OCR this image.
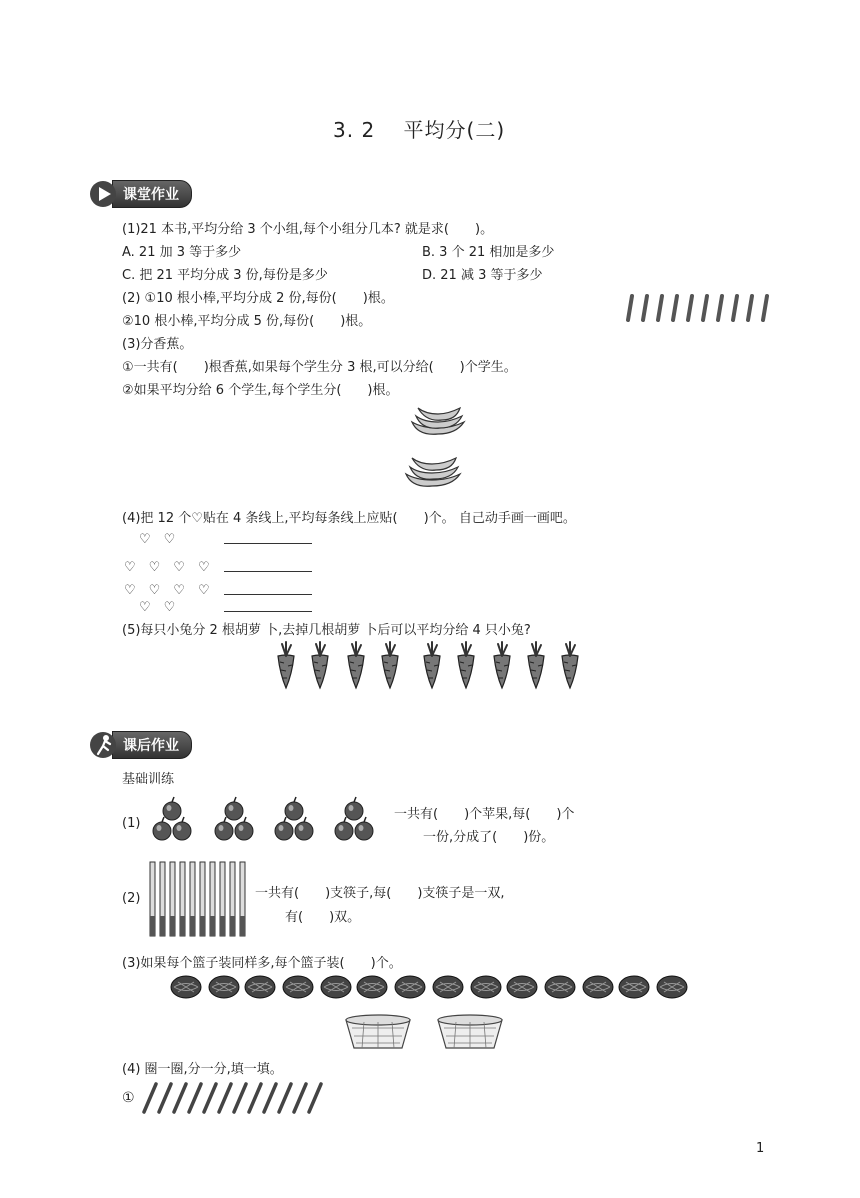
3. 2　 平均分(二)
课堂作业
(1)21 本书,平均分给 3 个小组,每个小组分几本? 就是求(　　)。
A. 21 加 3 等于多少	B. 3 个 21 相加是多少
C. 把 21 平均分成 3 份,每份是多少	D. 21 减 3 等于多少
(2) ①10 根小棒,平均分成 2 份,每份(　　)根。
②10 根小棒,平均分成 5 份,每份(　　)根。
(3)分香蕉。
①一共有(　　)根香蕉,如果每个学生分 3 根,可以分给(　　)个学生。
②如果平均分给 6 个学生,每个学生分(　　)根。
(4)把 12 个♡贴在 4 条线上,平均每条线上应贴(　　)个。 自己动手画一画吧。
♡　♡
♡　♡　♡　♡
♡　♡　♡　♡
♡　♡
(5)每只小兔分 2 根胡萝 卜,去掉几根胡萝 卜后可以平均分给 4 只小兔?
课后作业
基础训练
(1)
一共有(　　)个苹果,每(　　)个
一份,分成了(　　)份。
(2)	一共有(　　)支筷子,每(　　)支筷子是一双,
有(　　)双。
(3)如果每个篮子装同样多,每个篮子装(　　)个。
(4) 圈一圈,分一分,填一填。
①
1
